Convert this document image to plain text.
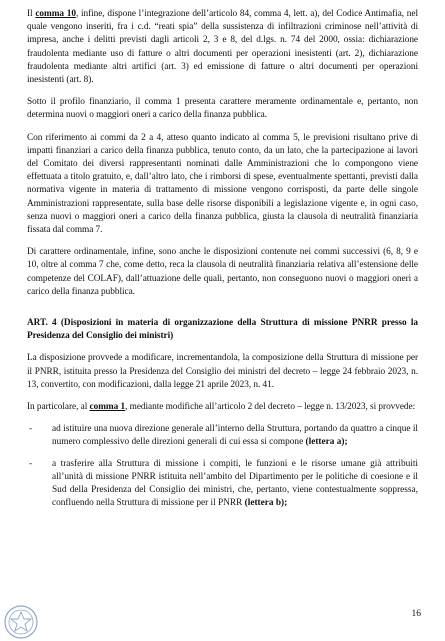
Il comma 10, infine, dispone l’integrazione dell’articolo 84, comma 4, lett. a), del Codice Antimafia, nel quale vengono inseriti, fra i c.d. “reati spia” della sussistenza di infiltrazioni criminose nell’attività di impresa, anche i delitti previsti dagli articoli 2, 3 e 8, del d.lgs. n. 74 del 2000, ossia: dichiarazione fraudolenta mediante uso di fatture o altri documenti per operazioni inesistenti (art. 2), dichiarazione fraudolenta mediante altri artifici (art. 3) ed emissione di fatture o altri documenti per operazioni inesistenti (art. 8).

Sotto il profilo finanziario, il comma 1 presenta carattere meramente ordinamentale e, pertanto, non determina nuovi o maggiori oneri a carico della finanza pubblica.

Con riferimento ai commi da 2 a 4, atteso quanto indicato al comma 5, le previsioni risultano prive di impatti finanziari a carico della finanza pubblica, tenuto conto, da un lato, che la partecipazione ai lavori del Comitato dei diversi rappresentanti nominati dalle Amministrazioni che lo compongono viene effettuata a titolo gratuito, e, dall’altro lato, che i rimborsi di spese, eventualmente spettanti, previsti dalla normativa vigente in materia di trattamento di missione vengono corrisposti, da parte delle singole Amministrazioni rappresentate, sulla base delle risorse disponibili a legislazione vigente e, in ogni caso, senza nuovi o maggiori oneri a carico della finanza pubblica, giusta la clausola di neutralità finanziaria fissata dal comma 7.

Di carattere ordinamentale, infine, sono anche le disposizioni contenute nei commi successivi (6, 8, 9 e 10, oltre al comma 7 che, come detto, reca la clausola di neutralità finanziaria relativa all’estensione delle competenze del COLAF), dall’attuazione delle quali, pertanto, non conseguono nuovi o maggiori oneri a carico della finanza pubblica.

ART. 4 (Disposizioni in materia di organizzazione della Struttura di missione PNRR presso la Presidenza del Consiglio dei ministri)

La disposizione provvede a modificare, incrementandola, la composizione della Struttura di missione per il PNRR, istituita presso la Presidenza del Consiglio dei ministri del decreto – legge 24 febbraio 2023, n. 13, convertito, con modificazioni, dalla legge 21 aprile 2023, n. 41.

In particolare, al comma 1, mediante modifiche all’articolo 2 del decreto – legge n. 13/2023, si provvede:

- ad istituire una nuova direzione generale all’interno della Struttura, portando da quattro a cinque il numero complessivo delle direzioni generali di cui essa si compone (lettera a);
- a trasferire alla Struttura di missione i compiti, le funzioni e le risorse umane già attribuiti all’unità di missione PNRR istituita nell’ambito del Dipartimento per le politiche di coesione e il Sud della Presidenza del Consiglio dei ministri, che, pertanto, viene contestualmente soppressa, confluendo nella Struttura di missione per il PNRR (lettera b);
16
